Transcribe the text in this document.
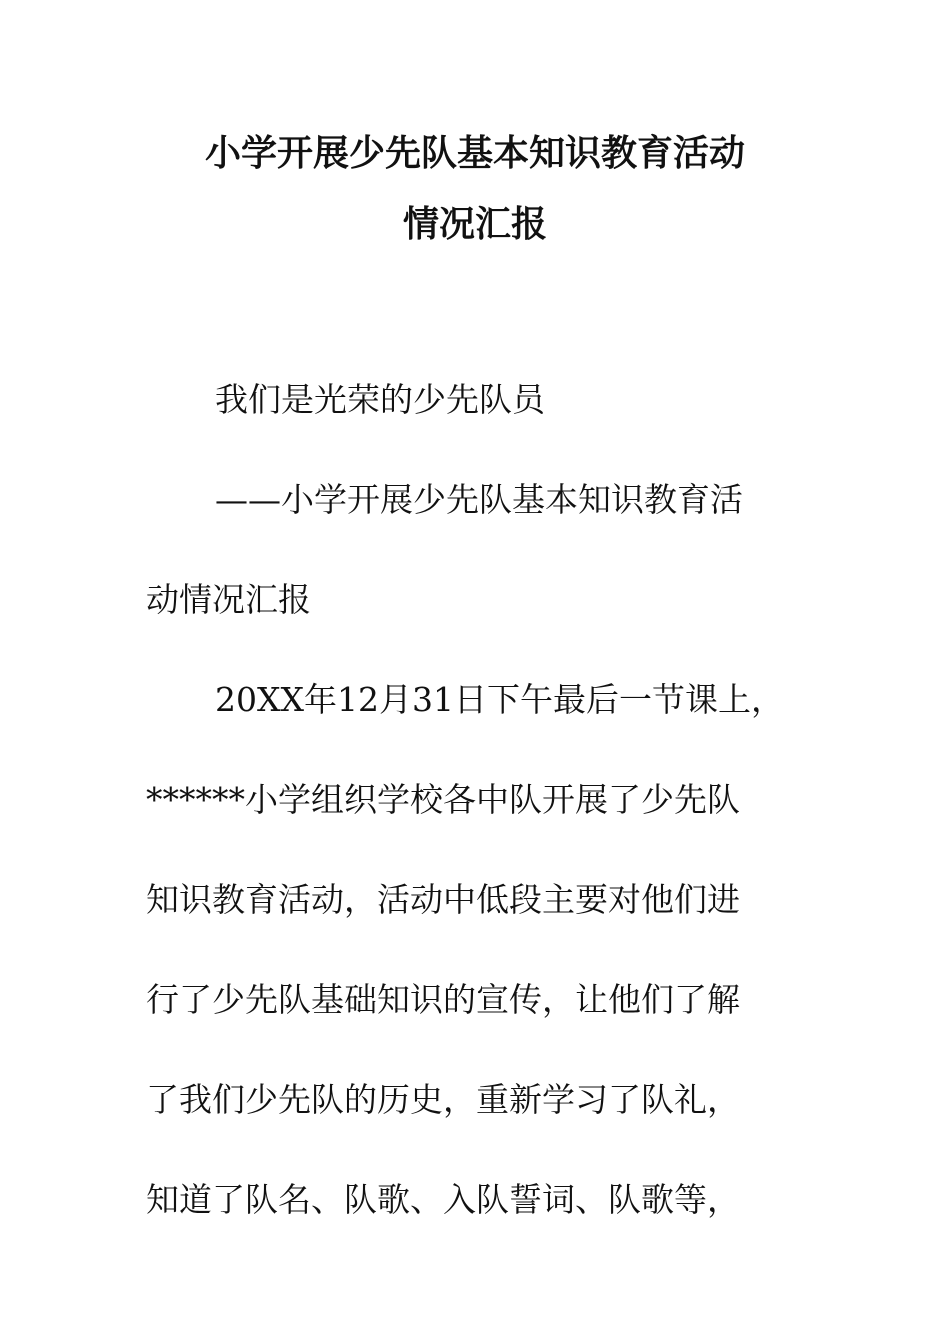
小学开展少先队基本知识教育活动
情况汇报
我们是光荣的少先队员
——小学开展少先队基本知识教育活
动情况汇报
20XX年12月31日下午最后一节课上，
******小学组织学校各中队开展了少先队
知识教育活动，活动中低段主要对他们进
行了少先队基础知识的宣传，让他们了解
了我们少先队的历史，重新学习了队礼，
知道了队名、队歌、入队誓词、队歌等，
